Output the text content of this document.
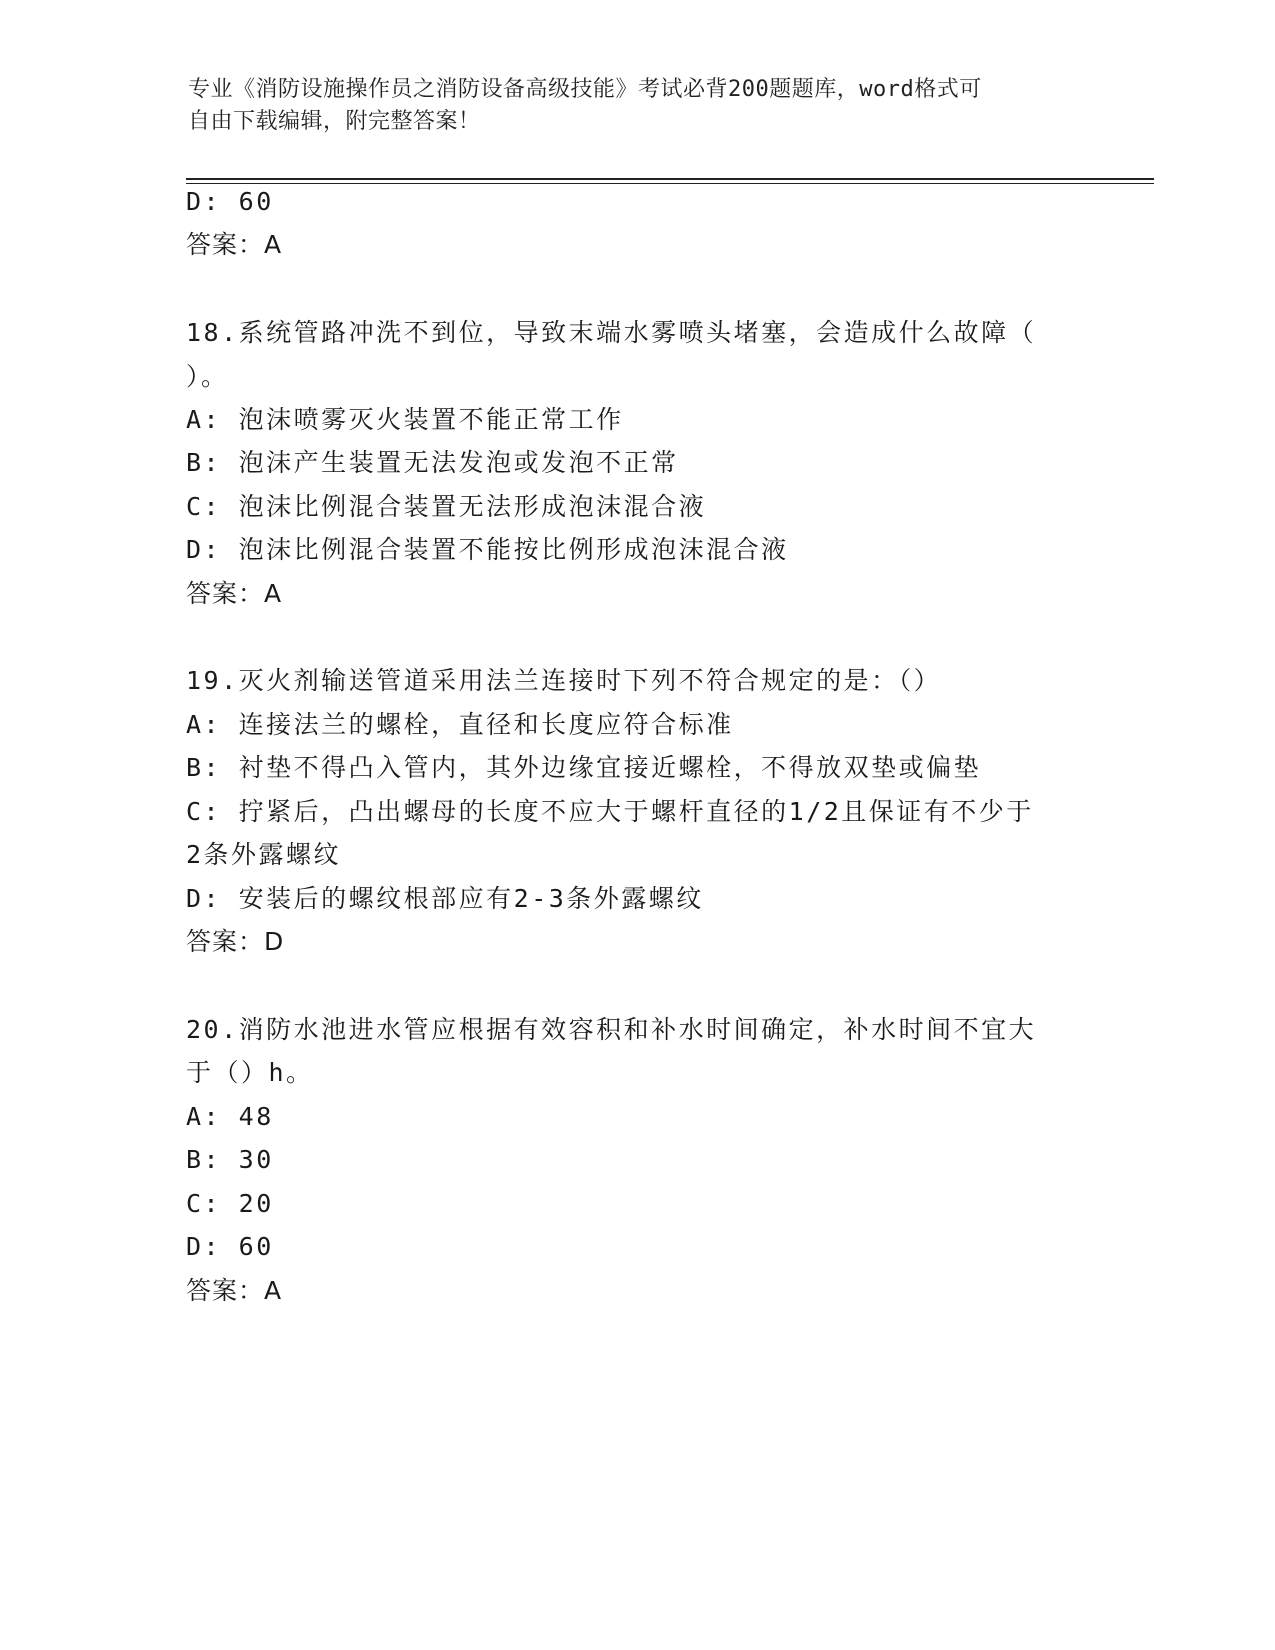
专业《消防设施操作员之消防设备高级技能》考试必背200题题库，word格式可
自由下载编辑，附完整答案！
D: 60
答案：A
18.系统管路冲洗不到位，导致末端水雾喷头堵塞，会造成什么故障（
）。
A: 泡沫喷雾灭火装置不能正常工作
B: 泡沫产生装置无法发泡或发泡不正常
C: 泡沫比例混合装置无法形成泡沫混合液
D: 泡沫比例混合装置不能按比例形成泡沫混合液
答案：A
19.灭火剂输送管道采用法兰连接时下列不符合规定的是：（）
A: 连接法兰的螺栓，直径和长度应符合标准
B: 衬垫不得凸入管内，其外边缘宜接近螺栓，不得放双垫或偏垫
C: 拧紧后，凸出螺母的长度不应大于螺杆直径的1/2且保证有不少于
2条外露螺纹
D: 安装后的螺纹根部应有2-3条外露螺纹
答案：D
20.消防水池进水管应根据有效容积和补水时间确定，补水时间不宜大
于（）h。
A: 48
B: 30
C: 20
D: 60
答案：A
